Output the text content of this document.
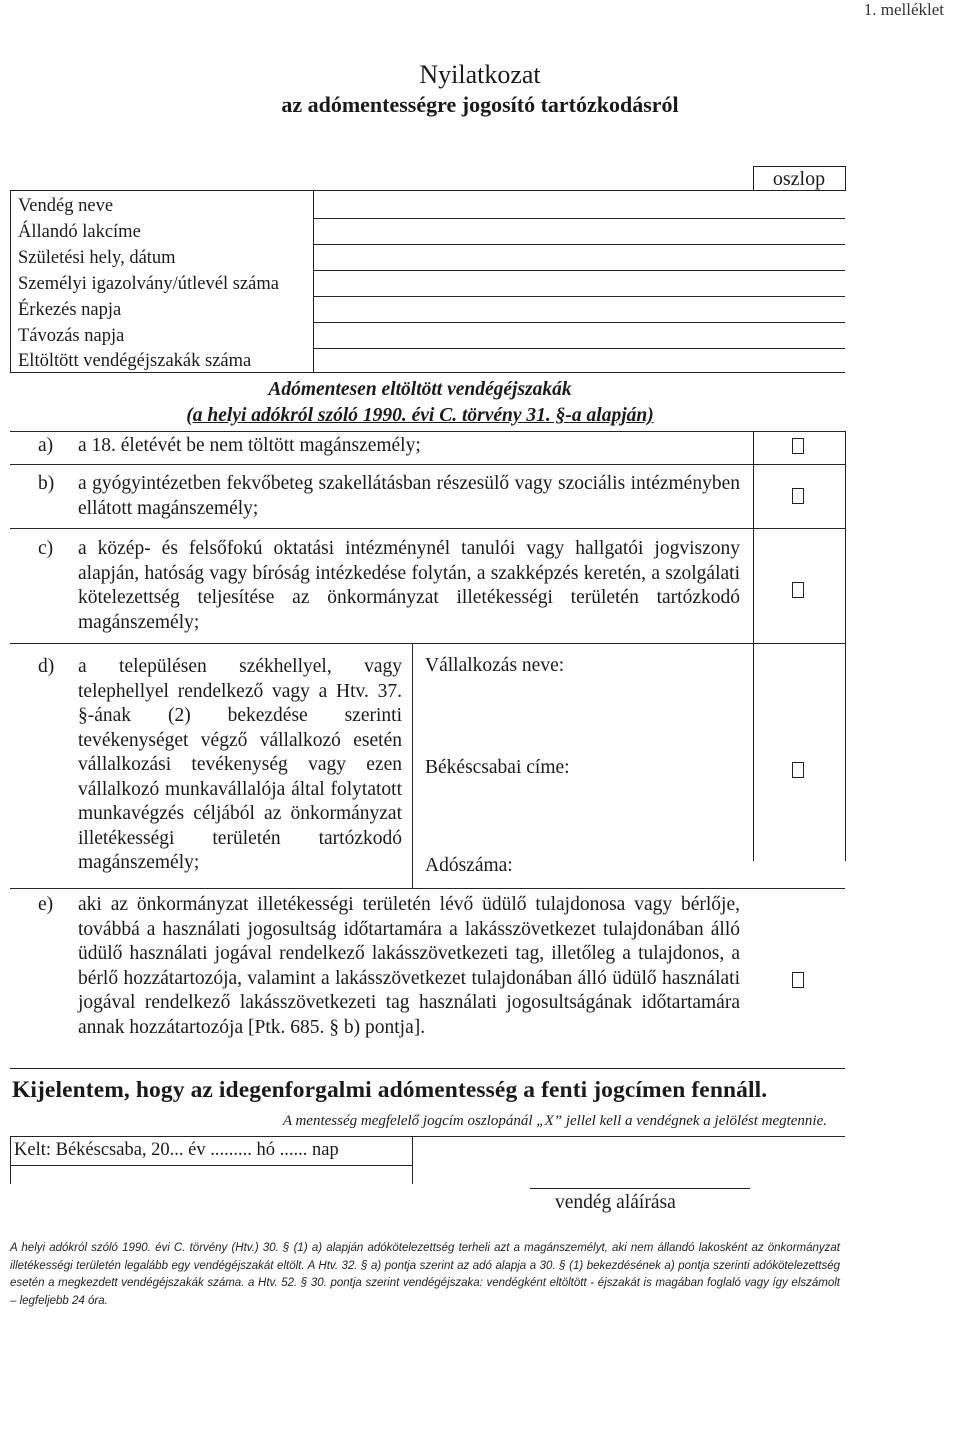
1. melléklet
Nyilatkozat
az adómentességre jogosító tartózkodásról
oszlop
Vendég neve
Állandó lakcíme
Születési hely, dátum
Személyi igazolvány/útlevél száma
Érkezés napja
Távozás napja
Eltöltött vendégéjszakák száma
Adómentesen eltöltött vendégéjszakák
(a helyi adókról szóló 1990. évi C. törvény 31. §-a alapján)
a) a 18. életévét be nem töltött magánszemély;
b) a gyógyintézetben fekvőbeteg szakellátásban részesülő vagy szociális intézményben ellátott magánszemély;
c) a közép- és felsőfokú oktatási intézménynél tanulói vagy hallgatói jogviszony alapján, hatóság vagy bíróság intézkedése folytán, a szakképzés keretén, a szolgálati kötelezettség teljesítése az önkormányzat illetékességi területén tartózkodó magánszemély;
d) a településen székhellyel, vagy telephellyel rendelkező vagy a Htv. 37. §-ának (2) bekezdése szerinti tevékenységet végző vállalkozó esetén vállalkozási tevékenység vagy ezen vállalkozó munkavállalója által folytatott munkavégzés céljából az önkormányzat illetékességi területén tartózkodó magánszemély;
Vállalkozás neve:
Békéscsabai címe:
Adószáma:
e) aki az önkormányzat illetékességi területén lévő üdülő tulajdonosa vagy bérlője, továbbá a használati jogosultság időtartamára a lakásszövetkezet tulajdonában álló üdülő használati jogával rendelkező lakásszövetkezeti tag, illetőleg a tulajdonos, a bérlő hozzátartozója, valamint a lakásszövetkezet tulajdonában álló üdülő használati jogával rendelkező lakásszövetkezeti tag használati jogosultságának időtartamára annak hozzátartozója [Ptk. 685. § b) pontja].
Kijelentem, hogy az idegenforgalmi adómentesség a fenti jogcímen fennáll.
A mentesség megfelelő jogcím oszlopánál „X” jellel kell a vendégnek a jelölést megtennie.
Kelt: Békéscsaba, 20... év ......... hó ...... nap
vendég aláírása
A helyi adókról szóló 1990. évi C. törvény (Htv.) 30. § (1) a) alapján adókötelezettség terheli azt a magánszemélyt, aki nem állandó lakosként az önkormányzat illetékességi területén legalább egy vendégéjszakát eltölt. A Htv. 32. § a) pontja szerint az adó alapja a 30. § (1) bekezdésének a) pontja szerinti adókötelezettség esetén a megkezdett vendégéjszakák száma. a Htv. 52. § 30. pontja szerint vendégéjszaka: vendégként eltöltött - éjszakát is magában foglaló vagy így elszámolt – legfeljebb 24 óra.
